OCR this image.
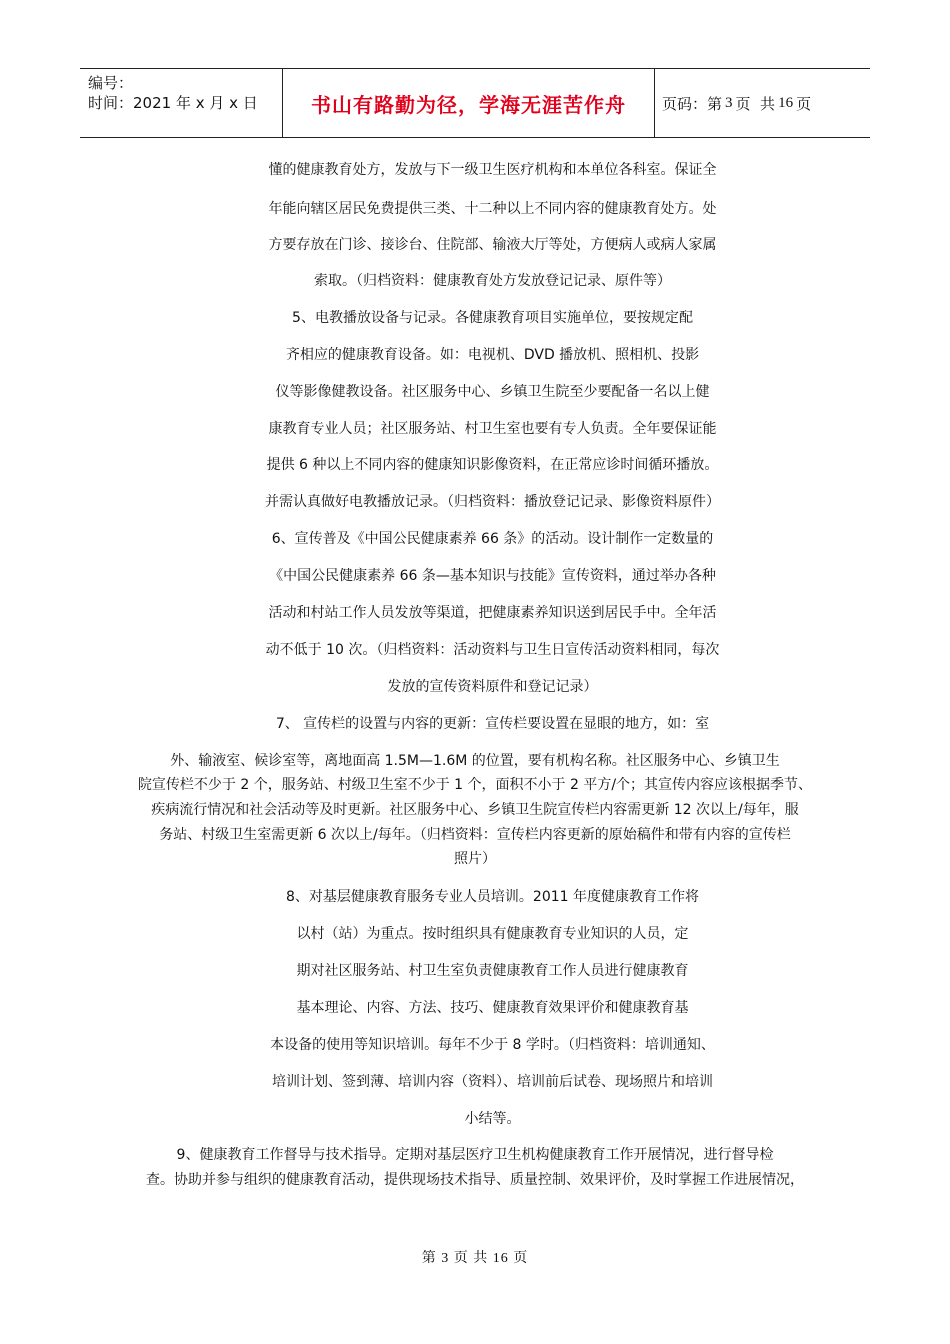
编号：
时间：2021 年 x 月 x 日	书山有路勤为径，学海无涯苦作舟	页码：第 3 页  共 16 页
懂的健康教育处方，发放与下一级卫生医疗机构和本单位各科室。保证全
年能向辖区居民免费提供三类、十二种以上不同内容的健康教育处方。处
方要存放在门诊、接诊台、住院部、输液大厅等处，方便病人或病人家属
索取。（归档资料：健康教育处方发放登记记录、原件等）
5、电教播放设备与记录。各健康教育项目实施单位，要按规定配
齐相应的健康教育设备。如：电视机、DVD 播放机、照相机、投影
仪等影像健教设备。社区服务中心、乡镇卫生院至少要配备一名以上健
康教育专业人员；社区服务站、村卫生室也要有专人负责。全年要保证能
提供 6 种以上不同内容的健康知识影像资料，在正常应诊时间循环播放。
并需认真做好电教播放记录。（归档资料：播放登记记录、影像资料原件）
6、宣传普及《中国公民健康素养 66 条》的活动。设计制作一定数量的
《中国公民健康素养 66 条—基本知识与技能》宣传资料，通过举办各种
活动和村站工作人员发放等渠道，把健康素养知识送到居民手中。全年活
动不低于 10 次。（归档资料：活动资料与卫生日宣传活动资料相同，每次
发放的宣传资料原件和登记记录）
7、 宣传栏的设置与内容的更新：宣传栏要设置在显眼的地方，如：室
外、输液室、候诊室等，离地面高 1.5M—1.6M 的位置，要有机构名称。社区服务中心、乡镇卫生
院宣传栏不少于 2 个，服务站、村级卫生室不少于 1 个，面积不小于 2 平方/个；其宣传内容应该根据季节、
疾病流行情况和社会活动等及时更新。社区服务中心、乡镇卫生院宣传栏内容需更新 12 次以上/每年，服
务站、村级卫生室需更新 6 次以上/每年。（归档资料：宣传栏内容更新的原始稿件和带有内容的宣传栏
照片）
8、对基层健康教育服务专业人员培训。2011 年度健康教育工作将
以村（站）为重点。按时组织具有健康教育专业知识的人员，定
期对社区服务站、村卫生室负责健康教育工作人员进行健康教育
基本理论、内容、方法、技巧、健康教育效果评价和健康教育基
本设备的使用等知识培训。每年不少于 8 学时。（归档资料：培训通知、
培训计划、签到薄、培训内容（资料）、培训前后试卷、现场照片和培训
小结等。
9、健康教育工作督导与技术指导。定期对基层医疗卫生机构健康教育工作开展情况，进行督导检
查。协助并参与组织的健康教育活动，提供现场技术指导、质量控制、效果评价，及时掌握工作进展情况，
第 3 页 共 16 页
